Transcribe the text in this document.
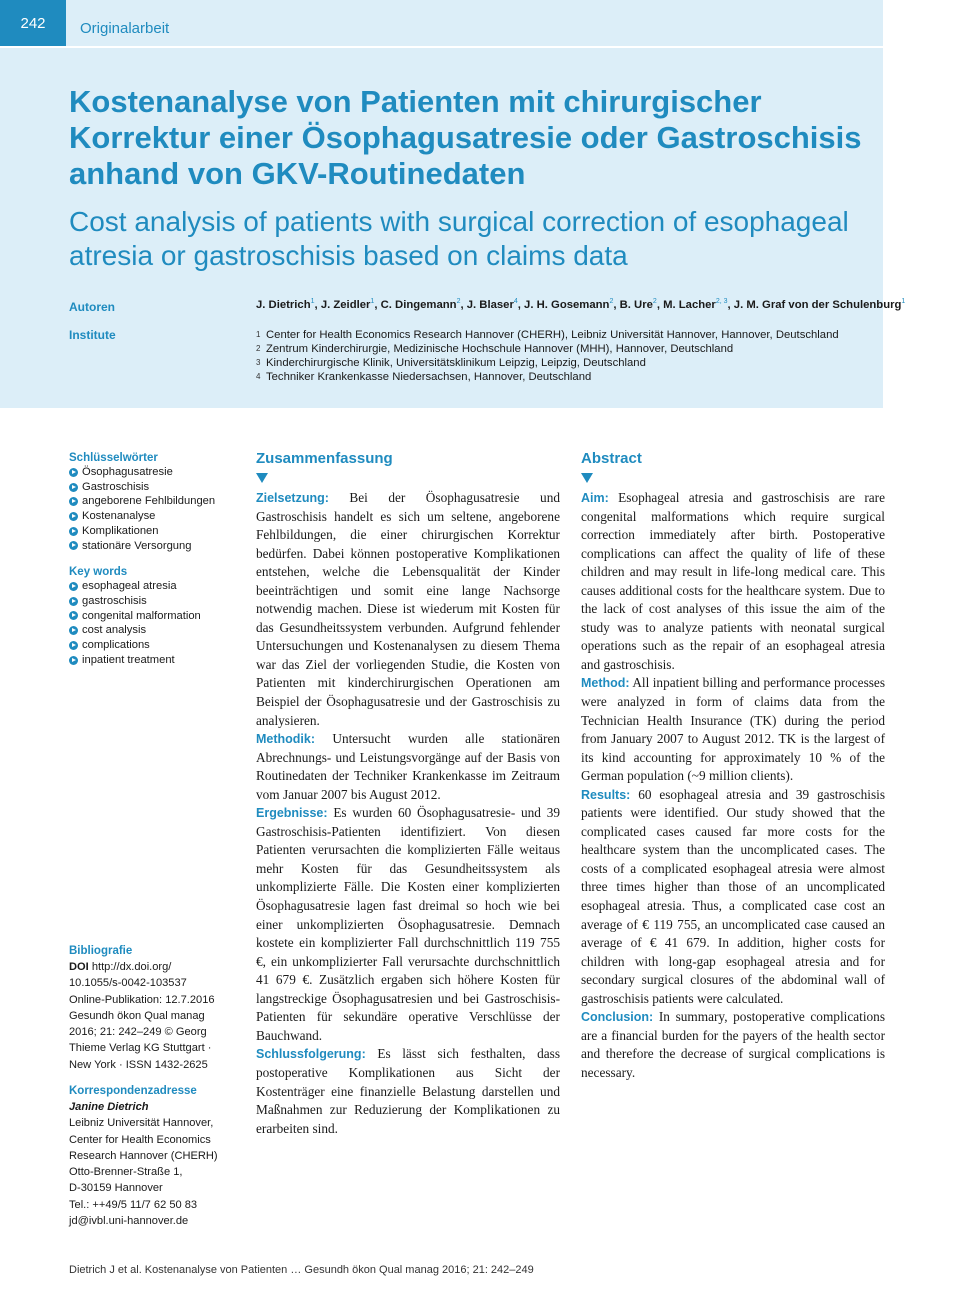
242	Originalarbeit
Kostenanalyse von Patienten mit chirurgischer Korrektur einer Ösophagusatresie oder Gastroschisis anhand von GKV-Routinedaten
Cost analysis of patients with surgical correction of esophageal atresia or gastroschisis based on claims data
Autoren	J. Dietrich$^1$, J. Zeidler$^1$, C. Dingemann$^2$, J. Blaser$^4$, J. H. Gosemann$^2$, B. Ure$^2$, M. Lacher$^{2, 3}$, J. M. Graf von der Schulenburg$^1$
Institute	1 Center for Health Economics Research Hannover (CHERH), Leibniz Universität Hannover, Hannover, Deutschland
2 Zentrum Kinderchirurgie, Medizinische Hochschule Hannover (MHH), Hannover, Deutschland
3 Kinderchirurgische Klinik, Universitätsklinikum Leipzig, Leipzig, Deutschland
4 Techniker Krankenkasse Niedersachsen, Hannover, Deutschland
Schlüsselwörter
Ösophagusatresie
Gastroschisis
angeborene Fehlbildungen
Kostenanalyse
Komplikationen
stationäre Versorgung
Key words
esophageal atresia
gastroschisis
congenital malformation
cost analysis
complications
inpatient treatment
Bibliografie
DOI http://dx.doi.org/
10.1055/s-0042-103537
Online-Publikation: 12.7.2016
Gesundh ökon Qual manag
2016; 21: 242–249 © Georg
Thieme Verlag KG Stuttgart ·
New York · ISSN 1432-2625
Korrespondenzadresse
Janine Dietrich
Leibniz Universität Hannover,
Center for Health Economics
Research Hannover (CHERH)
Otto-Brenner-Straße 1,
D-30159 Hannover
Tel.: ++49/5 11/7 62 50 83
jd@ivbl.uni-hannover.de
Zusammenfassung

Zielsetzung: Bei der Ösophagusatresie und Gastroschisis handelt es sich um seltene, angeborene Fehlbildungen, die einer chirurgischen Korrektur bedürfen. Dabei können postoperative Komplikationen entstehen, welche die Lebensqualität der Kinder beeinträchtigen und somit eine lange Nachsorge notwendig machen. Diese ist wiederum mit Kosten für das Gesundheitssystem verbunden. Aufgrund fehlender Untersuchungen und Kostenanalysen zu diesem Thema war das Ziel der vorliegenden Studie, die Kosten von Patienten mit kinderchirurgischen Operationen am Beispiel der Ösophagusatresie und der Gastroschisis zu analysieren.

Methodik: Untersucht wurden alle stationären Abrechnungs- und Leistungsvorgänge auf der Basis von Routinedaten der Techniker Krankenkasse im Zeitraum vom Januar 2007 bis August 2012.

Ergebnisse: Es wurden 60 Ösophagusatresie- und 39 Gastroschisis-Patienten identifiziert. Von diesen Patienten verursachten die komplizierten Fälle weitaus mehr Kosten für das Gesundheitssystem als unkomplizierte Fälle. Die Kosten einer komplizierten Ösophagusatresie lagen fast dreimal so hoch wie bei einer unkomplizierten Ösophagusatresie. Demnach kostete ein komplizierter Fall durchschnittlich 119 755 €, ein unkomplizierter Fall verursachte durchschnittlich 41 679 €. Zusätzlich ergaben sich höhere Kosten für langstreckige Ösophagusatresien und bei Gastroschisis-Patienten für sekundäre operative Verschlüsse der Bauchwand.

Schlussfolgerung: Es lässt sich festhalten, dass postoperative Komplikationen aus Sicht der Kostenträger eine finanzielle Belastung darstellen und Maßnahmen zur Reduzierung der Komplikationen zu erarbeiten sind.

Abstract

Aim: Esophageal atresia and gastroschisis are rare congenital malformations which require surgical correction immediately after birth. Postoperative complications can affect the quality of life of these children and may result in life-long medical care. This causes additional costs for the healthcare system. Due to the lack of cost analyses of this issue the aim of the study was to analyze patients with neonatal surgical operations such as the repair of an esophageal atresia and gastroschisis.

Method: All inpatient billing and performance processes were analyzed in form of claims data from the Technician Health Insurance (TK) during the period from January 2007 to August 2012. TK is the largest of its kind accounting for approximately 10 % of the German population (~9 million clients).

Results: 60 esophageal atresia and 39 gastroschisis patients were identified. Our study showed that the complicated cases caused far more costs for the healthcare system than the uncomplicated cases. The costs of a complicated esophageal atresia were almost three times higher than those of an uncomplicated esophageal atresia. Thus, a complicated case cost an average of € 119 755, an uncomplicated case caused an average of € 41 679. In addition, higher costs for children with long-gap esophageal atresia and for secondary surgical closures of the abdominal wall of gastroschisis patients were calculated.

Conclusion: In summary, postoperative complications are a financial burden for the payers of the health sector and therefore the decrease of surgical complications is necessary.

Dietrich J et al. Kostenanalyse von Patienten … Gesundh ökon Qual manag 2016; 21: 242–249
